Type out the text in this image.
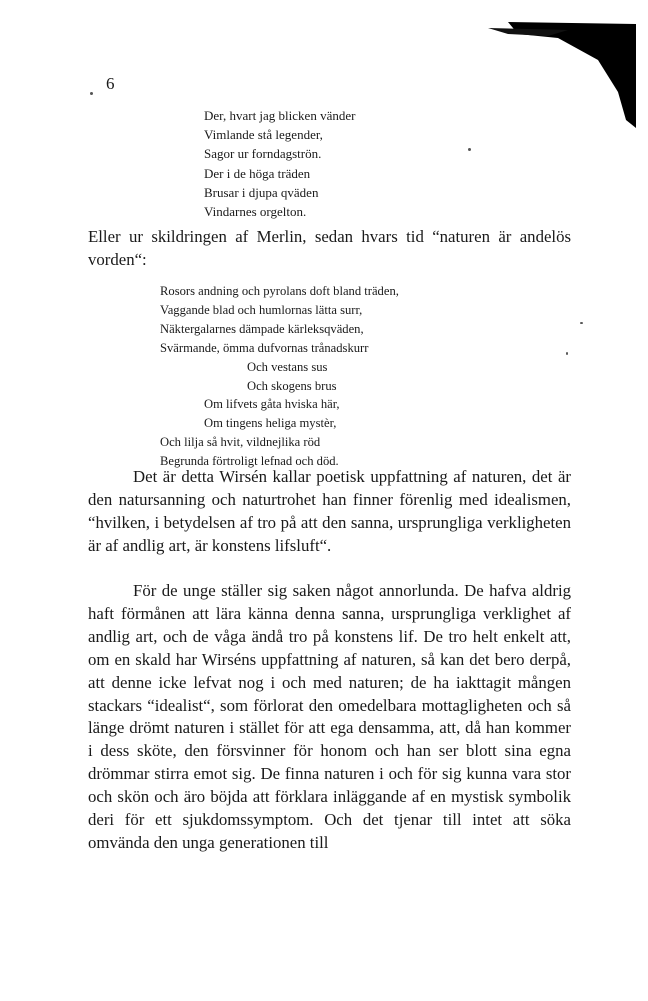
6
Der, hvart jag blicken vänder
Vimlande stå legender,
Sagor ur forndagströn.
Der i de höga träden
Brusar i djupa qväden
Vindarnes orgelton.
Eller ur skildringen af Merlin, sedan hvars tid “naturen är andelös vorden“:
Rosors andning och pyrolans doft bland träden,
Vaggande blad och humlornas lätta surr,
Näktergalarnes dämpade kärleksqväden,
Svärmande, ömma dufvornas trånadskurr
Och vestans sus
Och skogens brus
Om lifvets gåta hviska här,
Om tingens heliga mystèr,
Och lilja så hvit, vildnejlika röd
Begrunda förtroligt lefnad och död.
Det är detta Wirsén kallar poetisk uppfattning af naturen, det är den natursanning och naturtrohet han finner förenlig med idealismen, “hvilken, i betydelsen af tro på att den sanna, ursprungliga verkligheten är af andlig art, är konstens lifsluft“.
För de unge ställer sig saken något annorlunda. De hafva aldrig haft förmånen att lära känna denna sanna, ursprungliga verklighet af andlig art, och de våga ändå tro på konstens lif. De tro helt enkelt att, om en skald har Wirséns uppfattning af naturen, så kan det bero derpå, att denne icke lefvat nog i och med naturen; de ha iakttagit mången stackars “idealist“, som förlorat den omedelbara mottagligheten och så länge drömt naturen i stället för att ega densamma, att, då han kommer i dess sköte, den försvinner för honom och han ser blott sina egna drömmar stirra emot sig. De finna naturen i och för sig kunna vara stor och skön och äro böjda att förklara inläggande af en mystisk symbolik deri för ett sjukdomssymptom. Och det tjenar till intet att söka omvända den unga generationen till
